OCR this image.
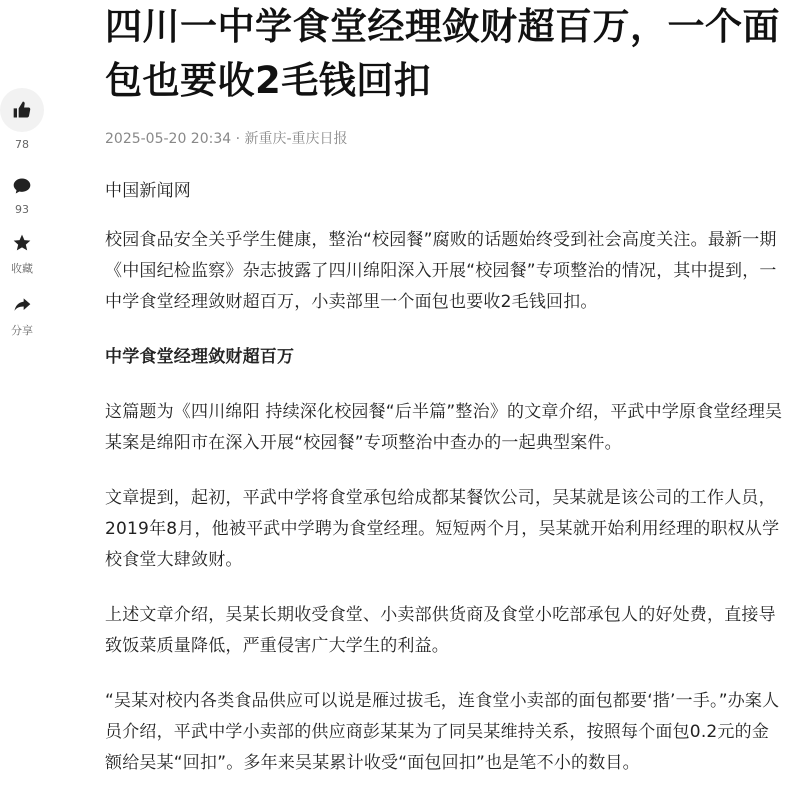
78
93
收藏
分享
四川一中学食堂经理敛财超百万，一个面包也要收2毛钱回扣
2025-05-20 20:34 · 新重庆-重庆日报

中国新闻网

校园食品安全关乎学生健康，整治“校园餐”腐败的话题始终受到社会高度关注。最新一期《中国纪检监察》杂志披露了四川绵阳深入开展“校园餐”专项整治的情况，其中提到，一中学食堂经理敛财超百万，小卖部里一个面包也要收2毛钱回扣。

中学食堂经理敛财超百万

这篇题为《四川绵阳 持续深化校园餐“后半篇”整治》的文章介绍，平武中学原食堂经理吴某案是绵阳市在深入开展“校园餐”专项整治中查办的一起典型案件。

文章提到，起初，平武中学将食堂承包给成都某餐饮公司，吴某就是该公司的工作人员，2019年8月，他被平武中学聘为食堂经理。短短两个月，吴某就开始利用经理的职权从学校食堂大肆敛财。

上述文章介绍，吴某长期收受食堂、小卖部供货商及食堂小吃部承包人的好处费，直接导致饭菜质量降低，严重侵害广大学生的利益。

“吴某对校内各类食品供应可以说是雁过拔毛，连食堂小卖部的面包都要‘揩’一手。”办案人员介绍，平武中学小卖部的供应商彭某某为了同吴某维持关系，按照每个面包0.2元的金额给吴某“回扣”。多年来吴某累计收受“面包回扣”也是笔不小的数目。
